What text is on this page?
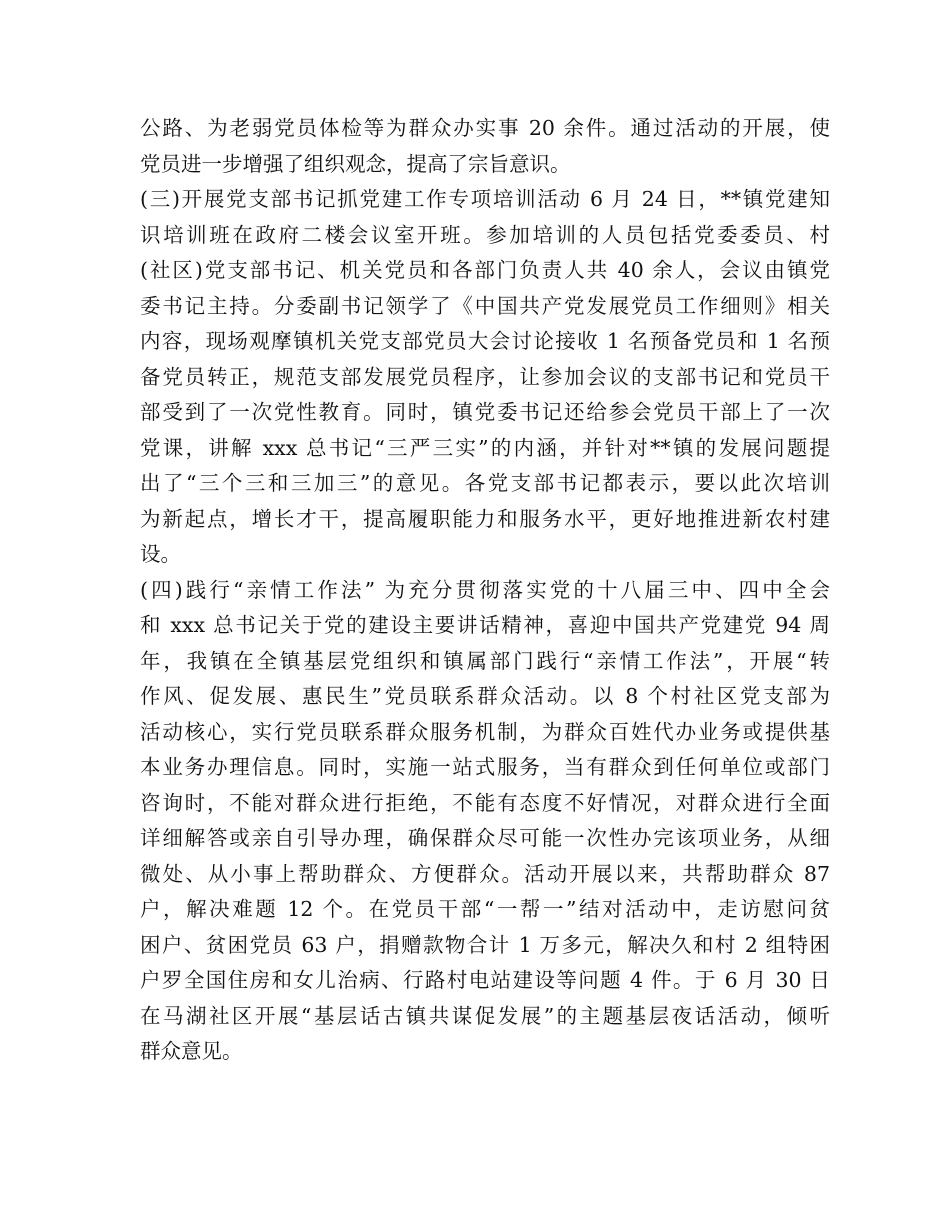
公路、为老弱党员体检等为群众办实事 20 余件。通过活动的开展，使
党员进一步增强了组织观念，提高了宗旨意识。
(三)开展党支部书记抓党建工作专项培训活动 6 月 24 日，**镇党建知
识培训班在政府二楼会议室开班。参加培训的人员包括党委委员、村
(社区)党支部书记、机关党员和各部门负责人共 40 余人，会议由镇党
委书记主持。分委副书记领学了《中国共产党发展党员工作细则》相关
内容，现场观摩镇机关党支部党员大会讨论接收 1 名预备党员和 1 名预
备党员转正，规范支部发展党员程序，让参加会议的支部书记和党员干
部受到了一次党性教育。同时，镇党委书记还给参会党员干部上了一次
党课，讲解 xxx 总书记“三严三实”的内涵，并针对**镇的发展问题提
出了“三个三和三加三”的意见。各党支部书记都表示，要以此次培训
为新起点，增长才干，提高履职能力和服务水平，更好地推进新农村建
设。
(四)践行“亲情工作法” 为充分贯彻落实党的十八届三中、四中全会
和 xxx 总书记关于党的建设主要讲话精神，喜迎中国共产党建党 94 周
年，我镇在全镇基层党组织和镇属部门践行“亲情工作法”，开展“转
作风、促发展、惠民生”党员联系群众活动。以 8 个村社区党支部为
活动核心，实行党员联系群众服务机制，为群众百姓代办业务或提供基
本业务办理信息。同时，实施一站式服务，当有群众到任何单位或部门
咨询时，不能对群众进行拒绝，不能有态度不好情况，对群众进行全面
详细解答或亲自引导办理，确保群众尽可能一次性办完该项业务，从细
微处、从小事上帮助群众、方便群众。活动开展以来，共帮助群众 87
户，解决难题 12 个。在党员干部“一帮一”结对活动中，走访慰问贫
困户、贫困党员 63 户，捐赠款物合计 1 万多元，解决久和村 2 组特困
户罗全国住房和女儿治病、行路村电站建设等问题 4 件。于 6 月 30 日
在马湖社区开展“基层话古镇共谋促发展”的主题基层夜话活动，倾听
群众意见。
